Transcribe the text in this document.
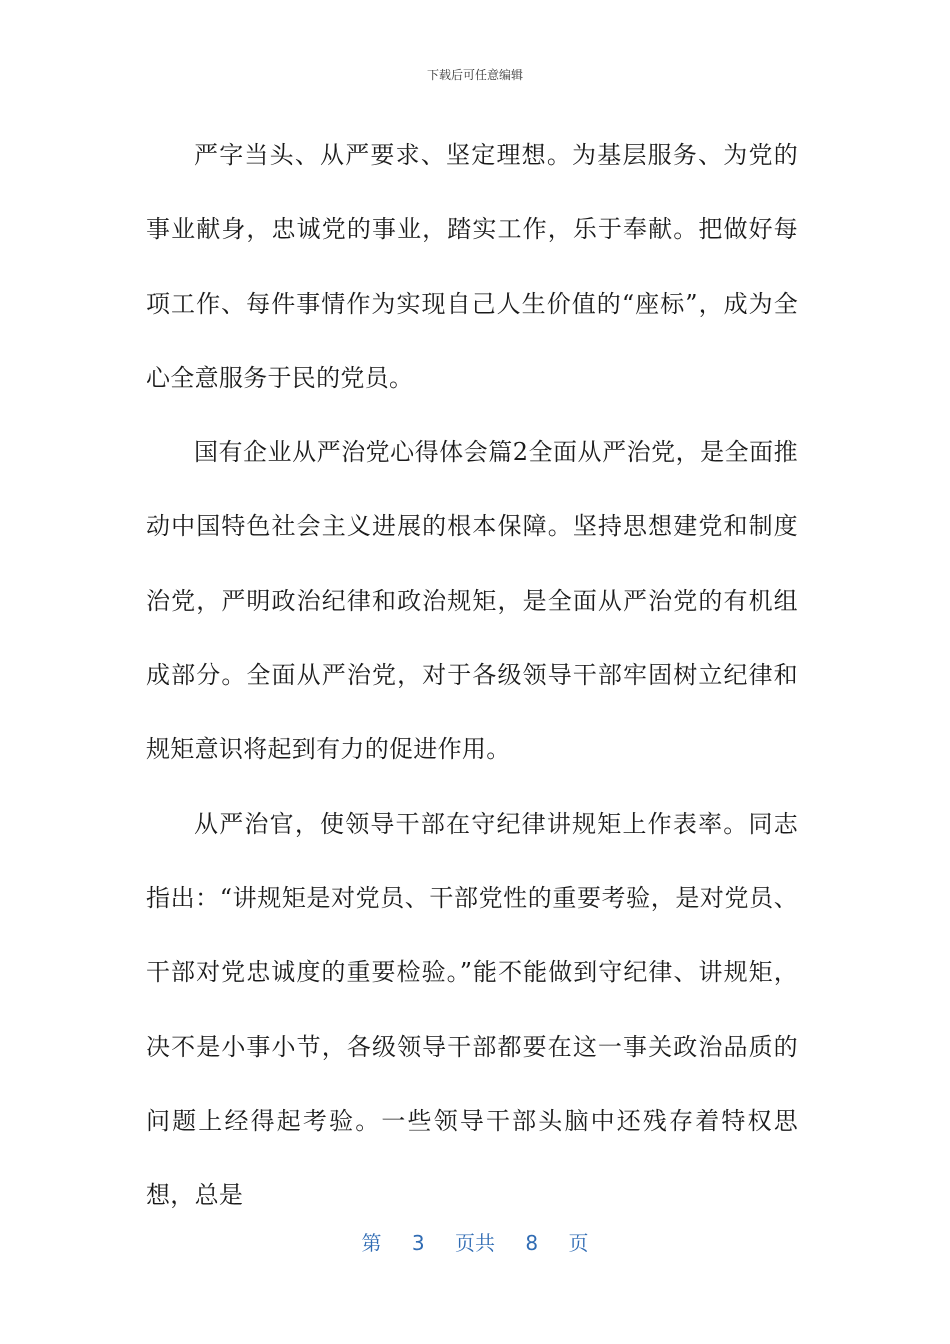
下载后可任意编辑

严字当头、从严要求、坚定理想。为基层服务、为党的事业献身，忠诚党的事业，踏实工作，乐于奉献。把做好每项工作、每件事情作为实现自己人生价值的“座标”，成为全心全意服务于民的党员。

国有企业从严治党心得体会篇2全面从严治党，是全面推动中国特色社会主义进展的根本保障。坚持思想建党和制度治党，严明政治纪律和政治规矩，是全面从严治党的有机组成部分。全面从严治党，对于各级领导干部牢固树立纪律和规矩意识将起到有力的促进作用。

从严治官，使领导干部在守纪律讲规矩上作表率。同志指出：“讲规矩是对党员、干部党性的重要考验，是对党员、干部对党忠诚度的重要检验。”能不能做到守纪律、讲规矩，决不是小事小节，各级领导干部都要在这一事关政治品质的问题上经得起考验。一些领导干部头脑中还残存着特权思想，总是

第 3 页共 8 页
